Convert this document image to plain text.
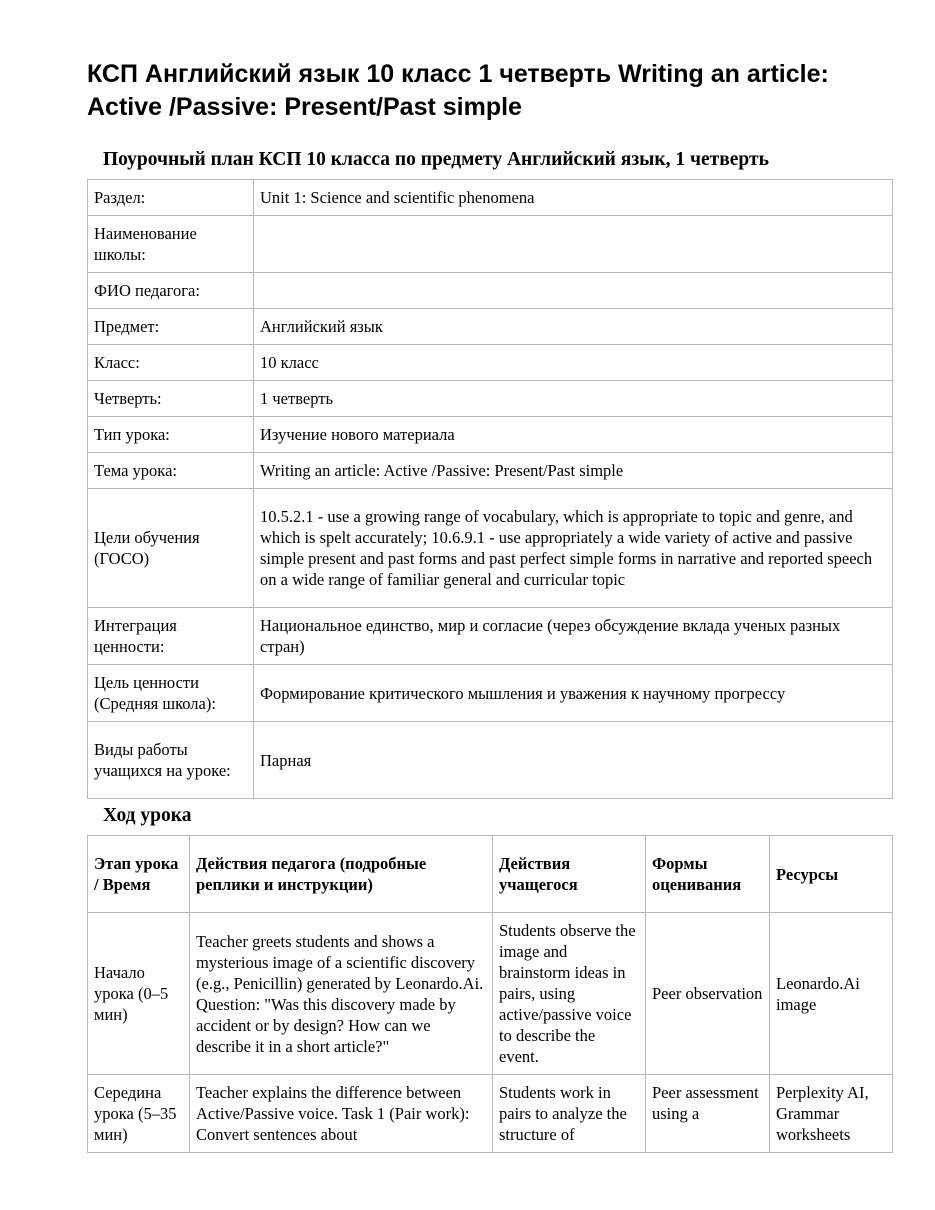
КСП Английский язык 10 класс 1 четверть Writing an article: Active /Passive: Present/Past simple
Поурочный план КСП 10 класса по предмету Английский язык, 1 четверть
Раздел:	Unit 1: Science and scientific phenomena
Наименование школы:	
ФИО педагога:	
Предмет:	Английский язык
Класс:	10 класс
Четверть:	1 четверть
Тип урока:	Изучение нового материала
Тема урока:	Writing an article: Active /Passive: Present/Past simple
Цели обучения (ГОСО)	10.5.2.1 - use a growing range of vocabulary, which is appropriate to topic and genre, and which is spelt accurately; 10.6.9.1 - use appropriately a wide variety of active and passive simple present and past forms and past perfect simple forms in narrative and reported speech on a wide range of familiar general and curricular topic
Интеграция ценности:	Национальное единство, мир и согласие (через обсуждение вклада ученых разных стран)
Цель ценности (Средняя школа):	Формирование критического мышления и уважения к научному прогрессу
Виды работы учащихся на уроке:	Парная
Ход урока
Этап урока / Время	Действия педагога (подробные реплики и инструкции)	Действия учащегося	Формы оценивания	Ресурсы
Начало урока (0–5 мин)	Teacher greets students and shows a mysterious image of a scientific discovery (e.g., Penicillin) generated by Leonardo.Ai. Question: "Was this discovery made by accident or by design? How can we describe it in a short article?"	Students observe the image and brainstorm ideas in pairs, using active/passive voice to describe the event.	Peer observation	Leonardo.Ai image
Середина урока (5–35 мин)	Teacher explains the difference between Active/Passive voice. Task 1 (Pair work): Convert sentences about	Students work in pairs to analyze the structure of	Peer assessment using a	Perplexity AI, Grammar worksheets
